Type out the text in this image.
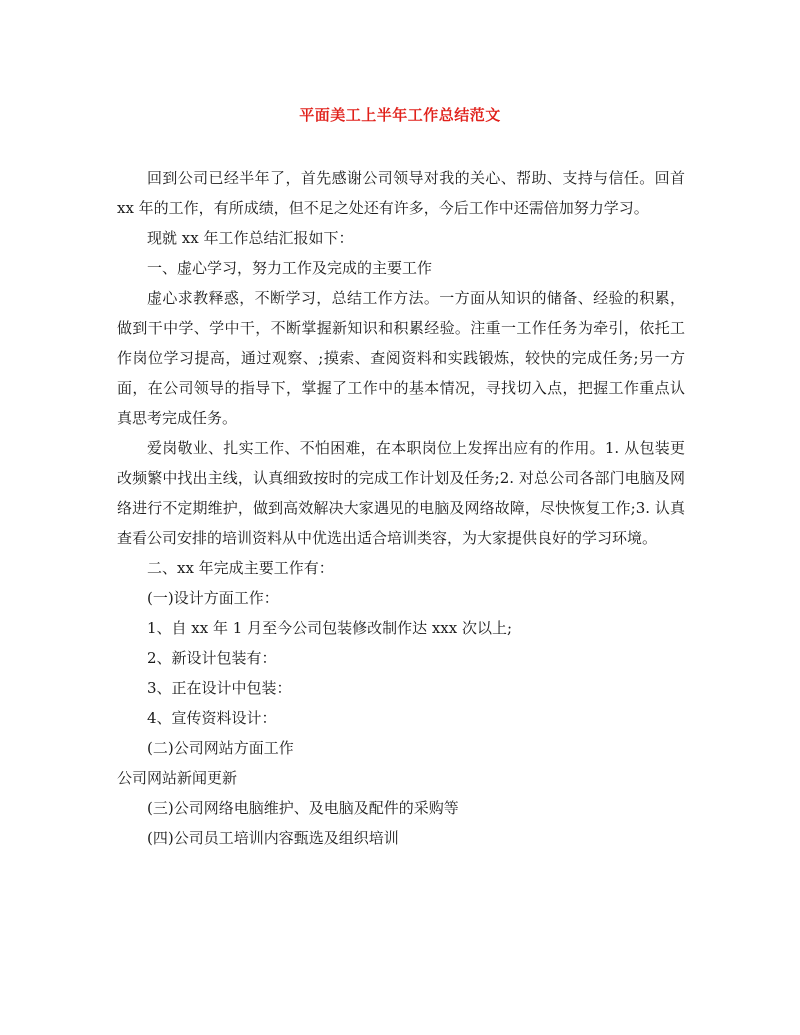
平面美工上半年工作总结范文

回到公司已经半年了，首先感谢公司领导对我的关心、帮助、支持与信任。回首 xx 年的工作，有所成绩，但不足之处还有许多，今后工作中还需倍加努力学习。

现就 xx 年工作总结汇报如下：

一、虚心学习，努力工作及完成的主要工作

虚心求教释惑，不断学习，总结工作方法。一方面从知识的储备、经验的积累，做到干中学、学中干，不断掌握新知识和积累经验。注重一工作任务为牵引，依托工作岗位学习提高，通过观察、;摸索、查阅资料和实践锻炼，较快的完成任务;另一方面，在公司领导的指导下，掌握了工作中的基本情况，寻找切入点，把握工作重点认真思考完成任务。

爱岗敬业、扎实工作、不怕困难，在本职岗位上发挥出应有的作用。1. 从包装更改频繁中找出主线，认真细致按时的完成工作计划及任务;2. 对总公司各部门电脑及网络进行不定期维护，做到高效解决大家遇见的电脑及网络故障，尽快恢复工作;3. 认真查看公司安排的培训资料从中优选出适合培训类容，为大家提供良好的学习环境。

二、xx 年完成主要工作有：

(一)设计方面工作：

1、自 xx 年 1 月至今公司包装修改制作达 xxx 次以上;

2、新设计包装有：

3、正在设计中包装：

4、宣传资料设计：

(二)公司网站方面工作

公司网站新闻更新

(三)公司网络电脑维护、及电脑及配件的采购等

(四)公司员工培训内容甄选及组织培训
